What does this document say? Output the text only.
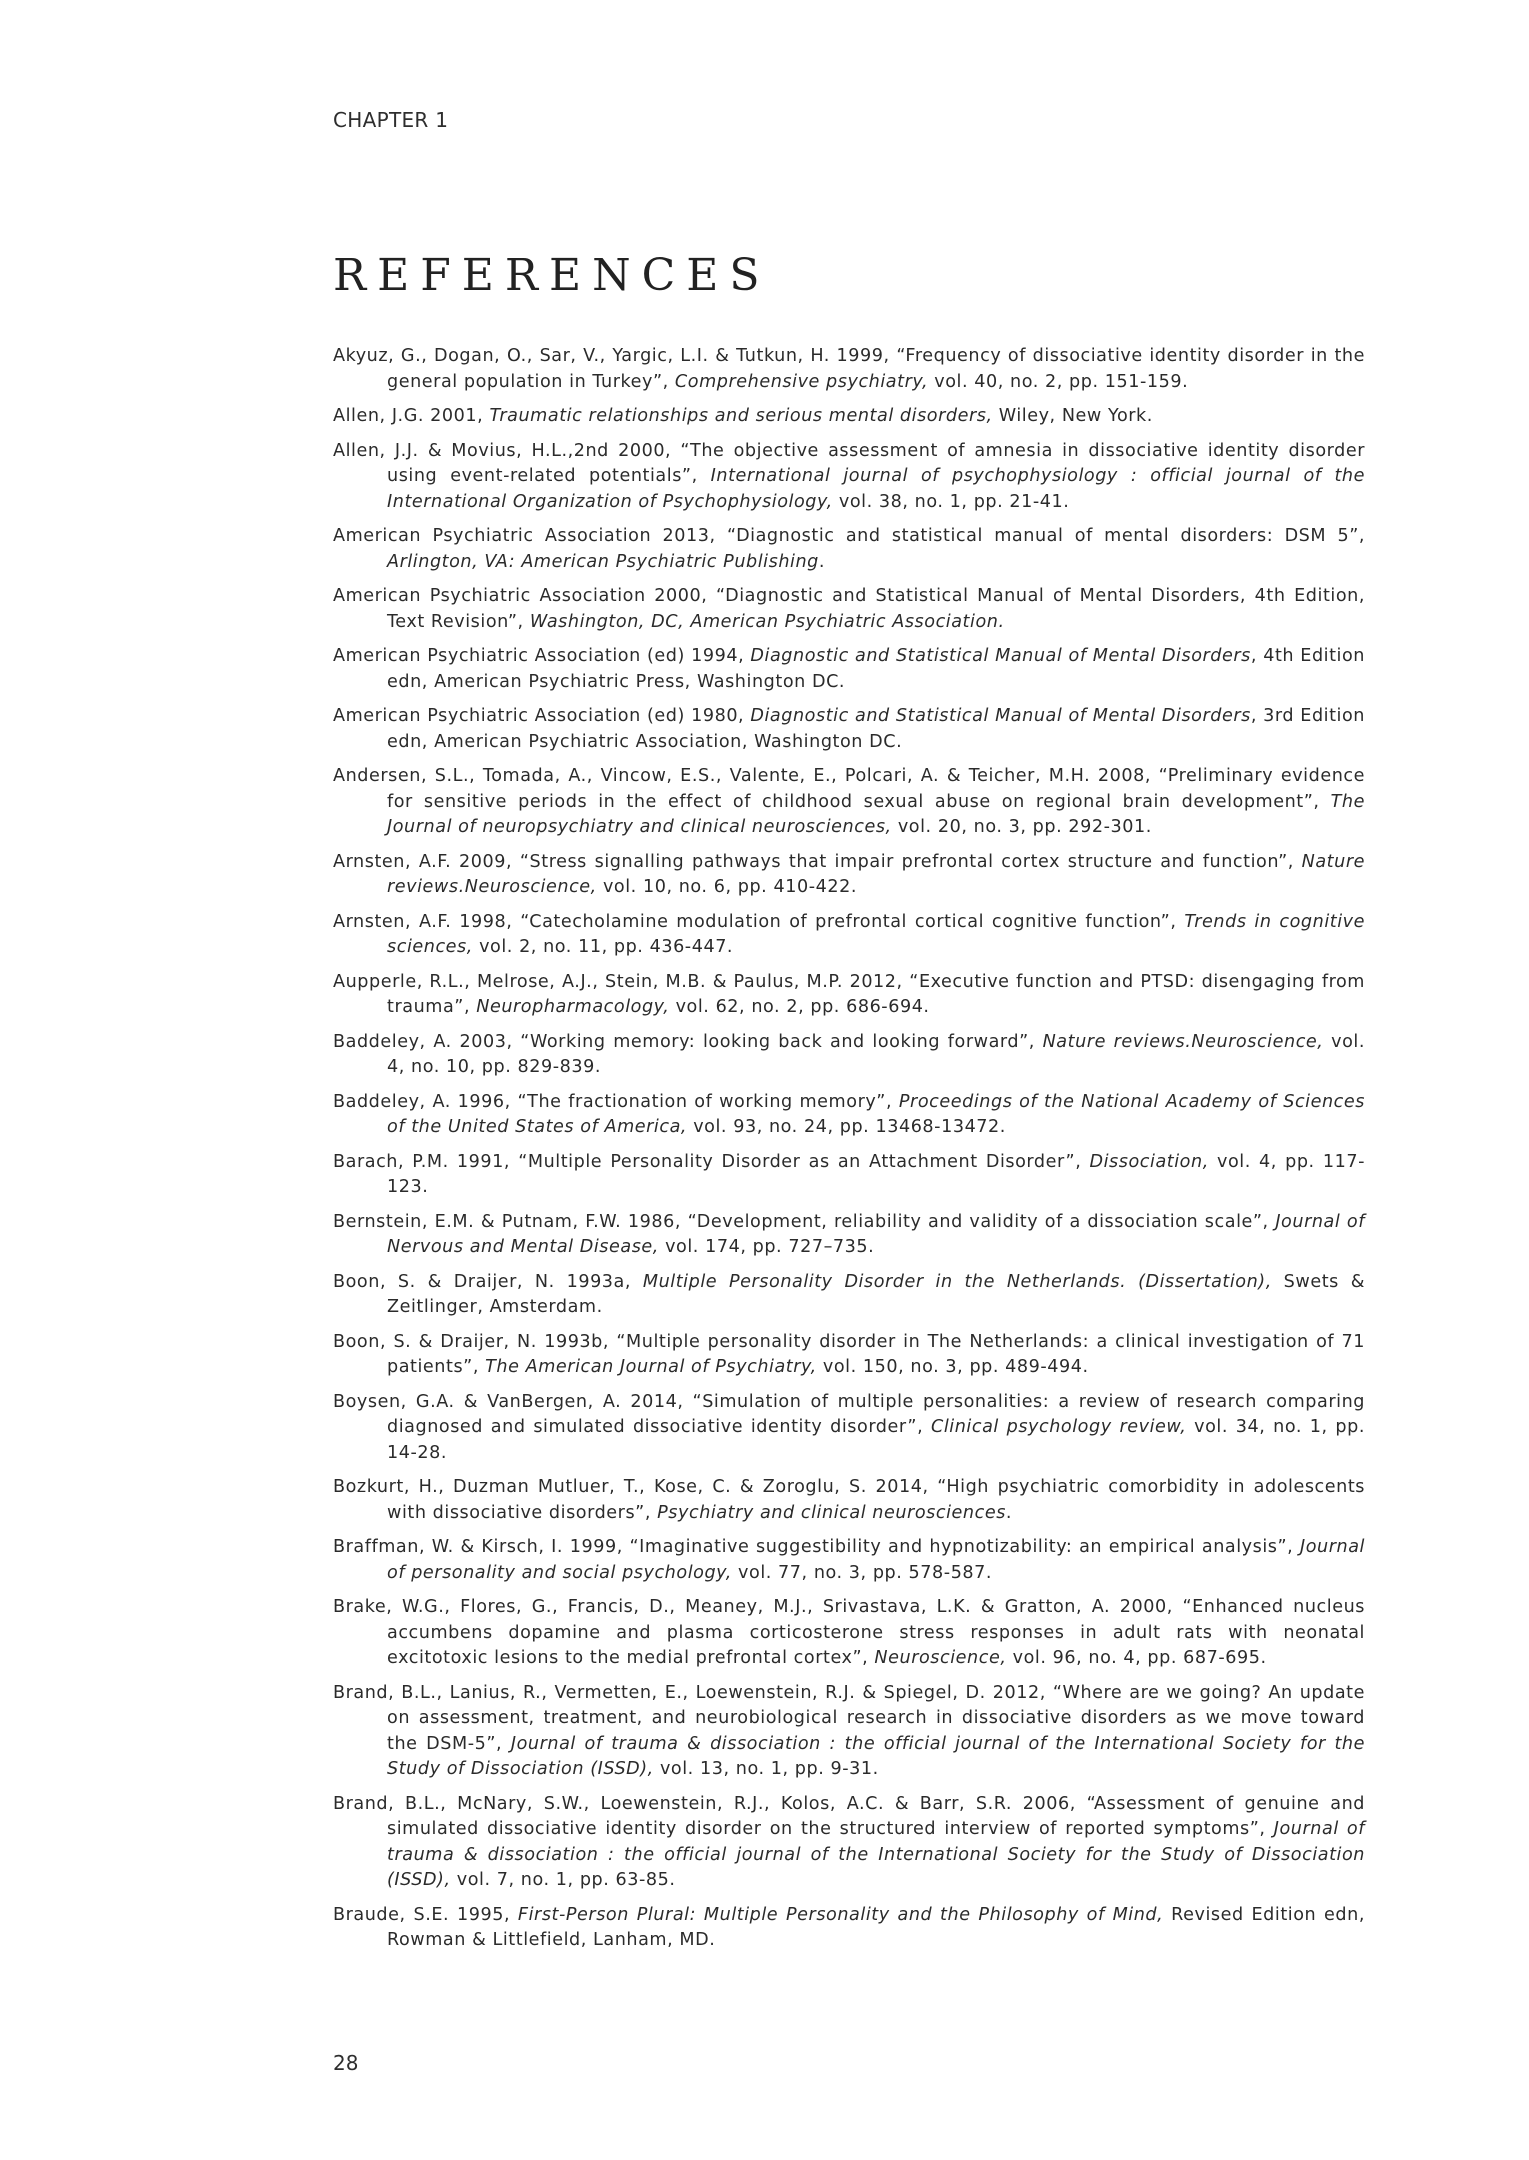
CHAPTER 1
REFERENCES
Akyuz, G., Dogan, O., Sar, V., Yargic, L.I. & Tutkun, H. 1999, “Frequency of dissociative identity disorder in the general population in Turkey”, Comprehensive psychiatry, vol. 40, no. 2, pp. 151-159.
Allen, J.G. 2001, Traumatic relationships and serious mental disorders, Wiley, New York.
Allen, J.J. & Movius, H.L.,2nd 2000, “The objective assessment of amnesia in dissociative identity disorder using event-related potentials”, International journal of psychophysiology : official journal of the International Organization of Psychophysiology, vol. 38, no. 1, pp. 21-41.
American Psychiatric Association 2013, “Diagnostic and statistical manual of mental disorders: DSM 5”, Arlington, VA: American Psychiatric Publishing.
American Psychiatric Association 2000, “Diagnostic and Statistical Manual of Mental Disorders, 4th Edition, Text Revision”, Washington, DC, American Psychiatric Association.
American Psychiatric Association (ed) 1994, Diagnostic and Statistical Manual of Mental Disorders, 4th Edition edn, American Psychiatric Press, Washington DC.
American Psychiatric Association (ed) 1980, Diagnostic and Statistical Manual of Mental Disorders, 3rd Edition edn, American Psychiatric Association, Washington DC.
Andersen, S.L., Tomada, A., Vincow, E.S., Valente, E., Polcari, A. & Teicher, M.H. 2008, “Preliminary evidence for sensitive periods in the effect of childhood sexual abuse on regional brain development”, The Journal of neuropsychiatry and clinical neurosciences, vol. 20, no. 3, pp. 292-301.
Arnsten, A.F. 2009, “Stress signalling pathways that impair prefrontal cortex structure and function”, Nature reviews.Neuroscience, vol. 10, no. 6, pp. 410-422.
Arnsten, A.F. 1998, “Catecholamine modulation of prefrontal cortical cognitive function”, Trends in cognitive sciences, vol. 2, no. 11, pp. 436-447.
Aupperle, R.L., Melrose, A.J., Stein, M.B. & Paulus, M.P. 2012, “Executive function and PTSD: disengaging from trauma”, Neuropharmacology, vol. 62, no. 2, pp. 686-694.
Baddeley, A. 2003, “Working memory: looking back and looking forward”, Nature reviews.Neuroscience, vol. 4, no. 10, pp. 829-839.
Baddeley, A. 1996, “The fractionation of working memory”, Proceedings of the National Academy of Sciences of the United States of America, vol. 93, no. 24, pp. 13468-13472.
Barach, P.M. 1991, “Multiple Personality Disorder as an Attachment Disorder”, Dissociation, vol. 4, pp. 117-123.
Bernstein, E.M. & Putnam, F.W. 1986, “Development, reliability and validity of a dissociation scale”, Journal of Nervous and Mental Disease, vol. 174, pp. 727–735.
Boon, S. & Draijer, N. 1993a, Multiple Personality Disorder in the Netherlands. (Dissertation), Swets & Zeitlinger, Amsterdam.
Boon, S. & Draijer, N. 1993b, “Multiple personality disorder in The Netherlands: a clinical investigation of 71 patients”, The American Journal of Psychiatry, vol. 150, no. 3, pp. 489-494.
Boysen, G.A. & VanBergen, A. 2014, “Simulation of multiple personalities: a review of research comparing diagnosed and simulated dissociative identity disorder”, Clinical psychology review, vol. 34, no. 1, pp. 14-28.
Bozkurt, H., Duzman Mutluer, T., Kose, C. & Zoroglu, S. 2014, “High psychiatric comorbidity in adolescents with dissociative disorders”, Psychiatry and clinical neurosciences.
Braffman, W. & Kirsch, I. 1999, “Imaginative suggestibility and hypnotizability: an empirical analysis”, Journal of personality and social psychology, vol. 77, no. 3, pp. 578-587.
Brake, W.G., Flores, G., Francis, D., Meaney, M.J., Srivastava, L.K. & Gratton, A. 2000, “Enhanced nucleus accumbens dopamine and plasma corticosterone stress responses in adult rats with neonatal excitotoxic lesions to the medial prefrontal cortex”, Neuroscience, vol. 96, no. 4, pp. 687-695.
Brand, B.L., Lanius, R., Vermetten, E., Loewenstein, R.J. & Spiegel, D. 2012, “Where are we going? An update on assessment, treatment, and neurobiological research in dissociative disorders as we move toward the DSM-5”, Journal of trauma & dissociation : the official journal of the International Society for the Study of Dissociation (ISSD), vol. 13, no. 1, pp. 9-31.
Brand, B.L., McNary, S.W., Loewenstein, R.J., Kolos, A.C. & Barr, S.R. 2006, “Assessment of genuine and simulated dissociative identity disorder on the structured interview of reported symptoms”, Journal of trauma & dissociation : the official journal of the International Society for the Study of Dissociation (ISSD), vol. 7, no. 1, pp. 63-85.
Braude, S.E. 1995, First-Person Plural: Multiple Personality and the Philosophy of Mind, Revised Edition edn, Rowman & Littlefield, Lanham, MD.
28
